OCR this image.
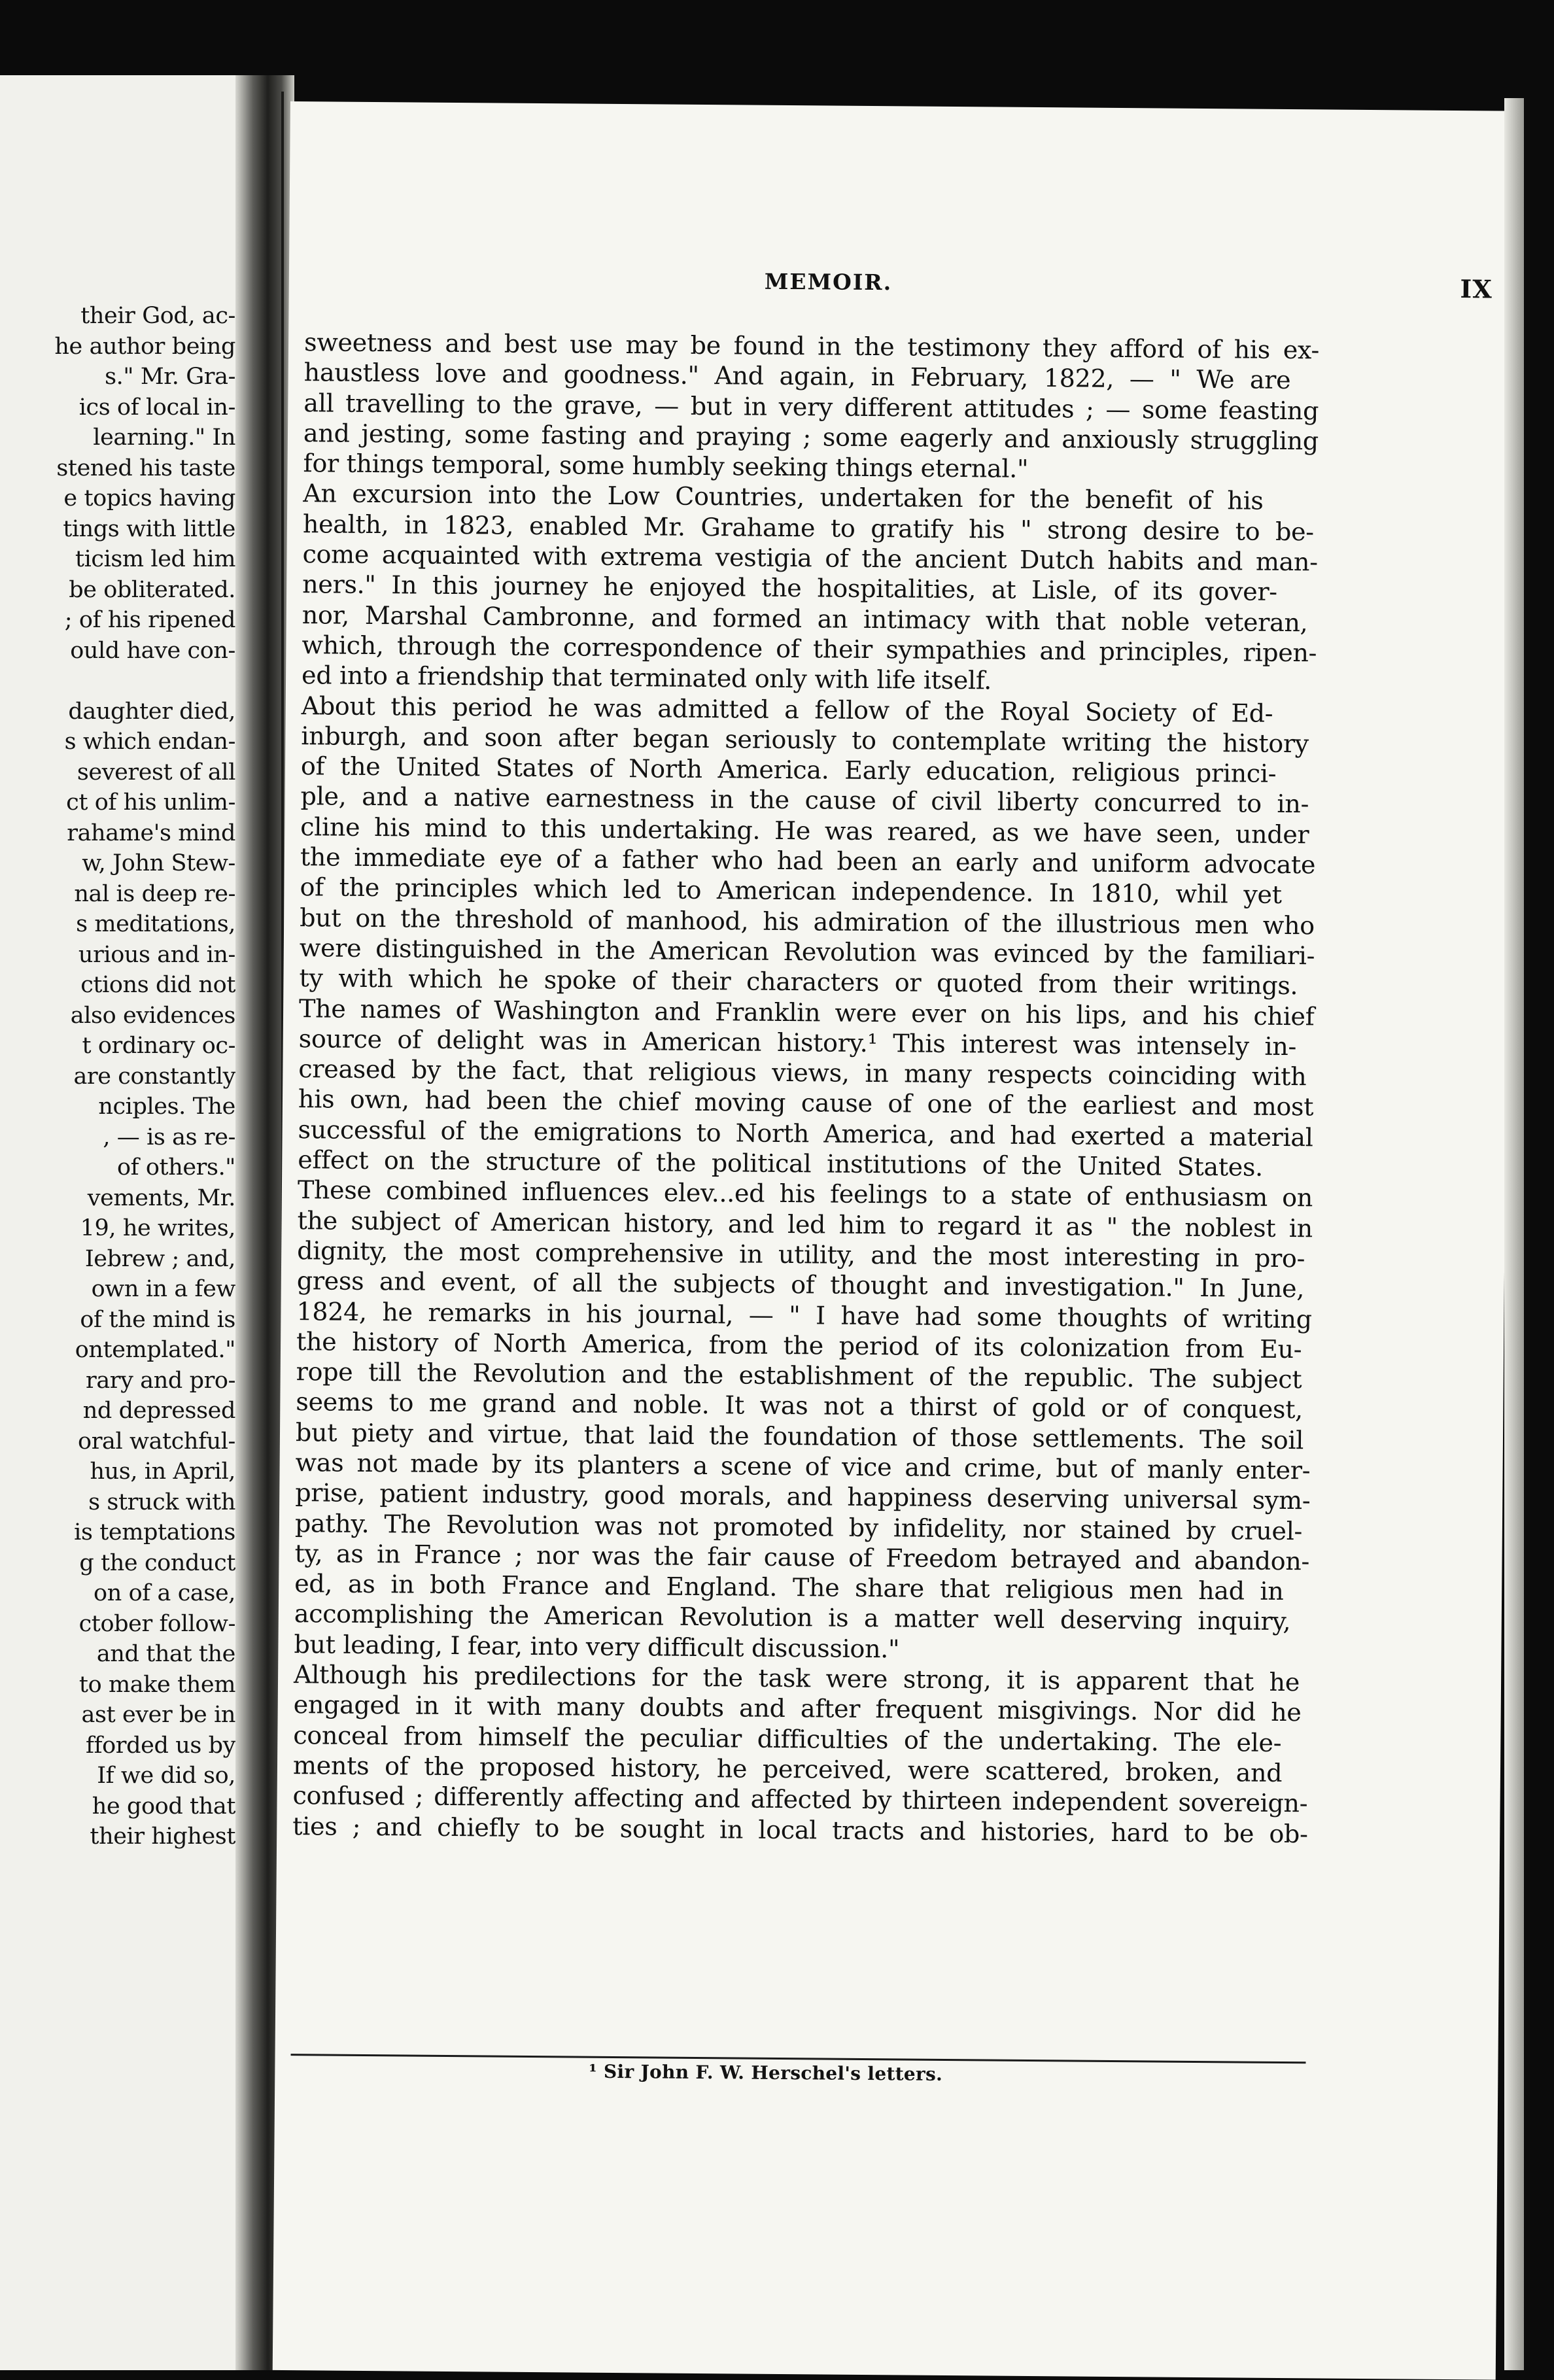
their God, ac-
he author being
s." Mr. Gra-
ics of local in-
learning." In
stened his taste
e topics having
tings with little
ticism led him
be obliterated.
; of his ripened
ould have con-
daughter died,
s which endan-
severest of all
ct of his unlim-
rahame's mind
w, John Stew-
nal is deep re-
s meditations,
urious and in-
ctions did not
also evidences
t ordinary oc-
are constantly
nciples. The
, — is as re-
of others."
vements, Mr.
19, he writes,
Iebrew ; and,
own in a few
of the mind is
ontemplated."
rary and pro-
nd depressed
oral watchful-
hus, in April,
s struck with
is temptations
g the conduct
on of a case,
ctober follow-
and that the
to make them
ast ever be in
fforded us by
If we did so,
he good that
their highest
MEMOIR.	IX
sweetness and best use may be found in the testimony they afford of his ex-
haustless love and goodness." And again, in February, 1822, — " We are
all travelling to the grave, — but in very different attitudes ; — some feasting
and jesting, some fasting and praying ; some eagerly and anxiously struggling
for things temporal, some humbly seeking things eternal."
An excursion into the Low Countries, undertaken for the benefit of his
health, in 1823, enabled Mr. Grahame to gratify his " strong desire to be-
come acquainted with extrema vestigia of the ancient Dutch habits and man-
ners." In this journey he enjoyed the hospitalities, at Lisle, of its gover-
nor, Marshal Cambronne, and formed an intimacy with that noble veteran,
which, through the correspondence of their sympathies and principles, ripen-
ed into a friendship that terminated only with life itself.
About this period he was admitted a fellow of the Royal Society of Ed-
inburgh, and soon after began seriously to contemplate writing the history
of the United States of North America. Early education, religious princi-
ple, and a native earnestness in the cause of civil liberty concurred to in-
cline his mind to this undertaking. He was reared, as we have seen, under
the immediate eye of a father who had been an early and uniform advocate
of the principles which led to American independence. In 1810, whil yet
but on the threshold of manhood, his admiration of the illustrious men who
were distinguished in the American Revolution was evinced by the familiari-
ty with which he spoke of their characters or quoted from their writings.
The names of Washington and Franklin were ever on his lips, and his chief
source of delight was in American history.¹ This interest was intensely in-
creased by the fact, that religious views, in many respects coinciding with
his own, had been the chief moving cause of one of the earliest and most
successful of the emigrations to North America, and had exerted a material
effect on the structure of the political institutions of the United States.
These combined influences elev...ed his feelings to a state of enthusiasm on
the subject of American history, and led him to regard it as " the noblest in
dignity, the most comprehensive in utility, and the most interesting in pro-
gress and event, of all the subjects of thought and investigation." In June,
1824, he remarks in his journal, — " I have had some thoughts of writing
the history of North America, from the period of its colonization from Eu-
rope till the Revolution and the establishment of the republic. The subject
seems to me grand and noble. It was not a thirst of gold or of conquest,
but piety and virtue, that laid the foundation of those settlements. The soil
was not made by its planters a scene of vice and crime, but of manly enter-
prise, patient industry, good morals, and happiness deserving universal sym-
pathy. The Revolution was not promoted by infidelity, nor stained by cruel-
ty, as in France ; nor was the fair cause of Freedom betrayed and abandon-
ed, as in both France and England. The share that religious men had in
accomplishing the American Revolution is a matter well deserving inquiry,
but leading, I fear, into very difficult discussion."
Although his predilections for the task were strong, it is apparent that he
engaged in it with many doubts and after frequent misgivings. Nor did he
conceal from himself the peculiar difficulties of the undertaking. The ele-
ments of the proposed history, he perceived, were scattered, broken, and
confused ; differently affecting and affected by thirteen independent sovereign-
ties ; and chiefly to be sought in local tracts and histories, hard to be ob-
¹ Sir John F. W. Herschel's letters.
